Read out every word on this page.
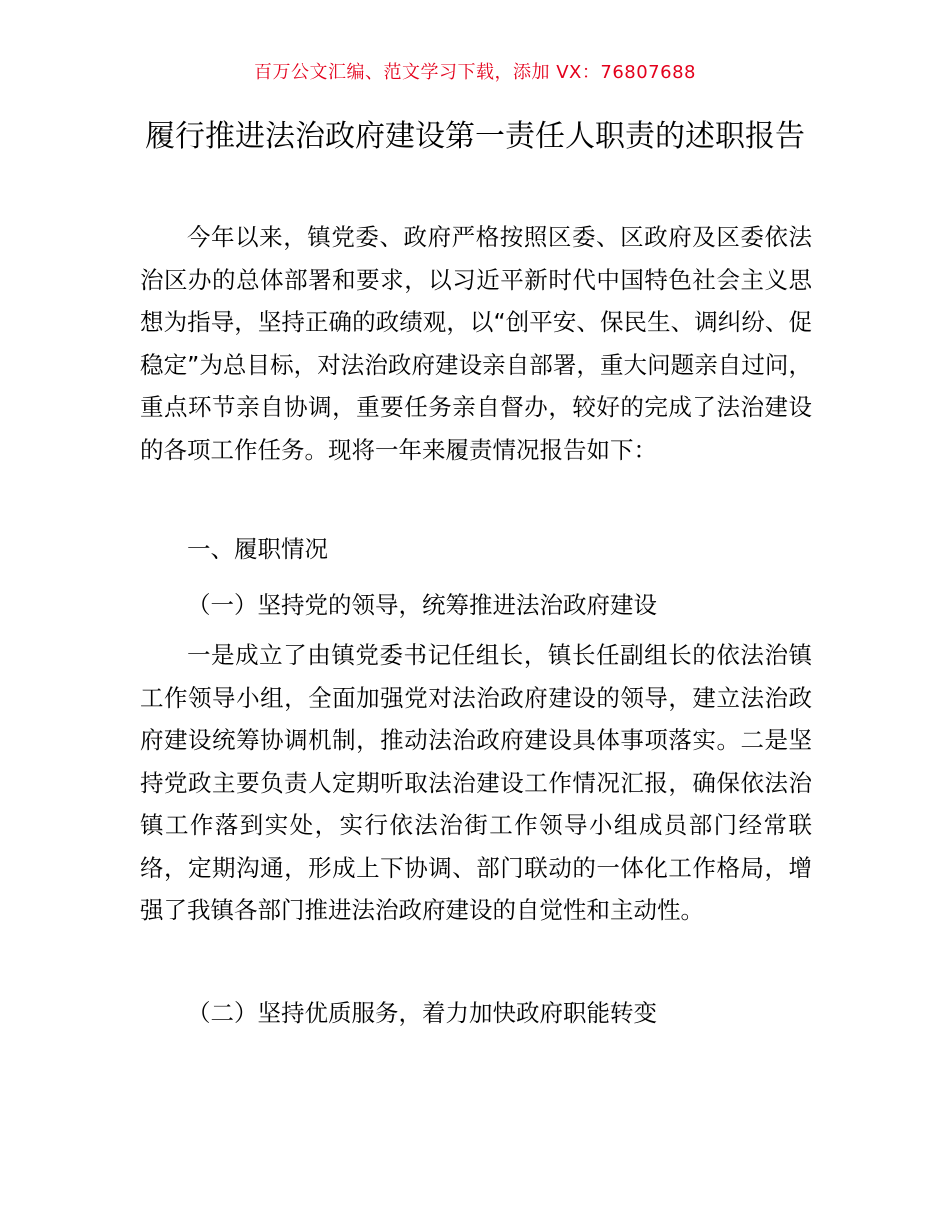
百万公文汇编、范文学习下载，添加 VX：76807688
履行推进法治政府建设第一责任人职责的述职报告

今年以来，镇党委、政府严格按照区委、区政府及区委依法治区办的总体部署和要求，以习近平新时代中国特色社会主义思想为指导，坚持正确的政绩观，以“创平安、保民生、调纠纷、促稳定”为总目标，对法治政府建设亲自部署，重大问题亲自过问，重点环节亲自协调，重要任务亲自督办，较好的完成了法治建设的各项工作任务。现将一年来履责情况报告如下：

一、履职情况

（一）坚持党的领导，统筹推进法治政府建设

一是成立了由镇党委书记任组长，镇长任副组长的依法治镇工作领导小组，全面加强党对法治政府建设的领导，建立法治政府建设统筹协调机制，推动法治政府建设具体事项落实。二是坚持党政主要负责人定期听取法治建设工作情况汇报，确保依法治镇工作落到实处，实行依法治街工作领导小组成员部门经常联络，定期沟通，形成上下协调、部门联动的一体化工作格局，增强了我镇各部门推进法治政府建设的自觉性和主动性。

（二）坚持优质服务，着力加快政府职能转变
